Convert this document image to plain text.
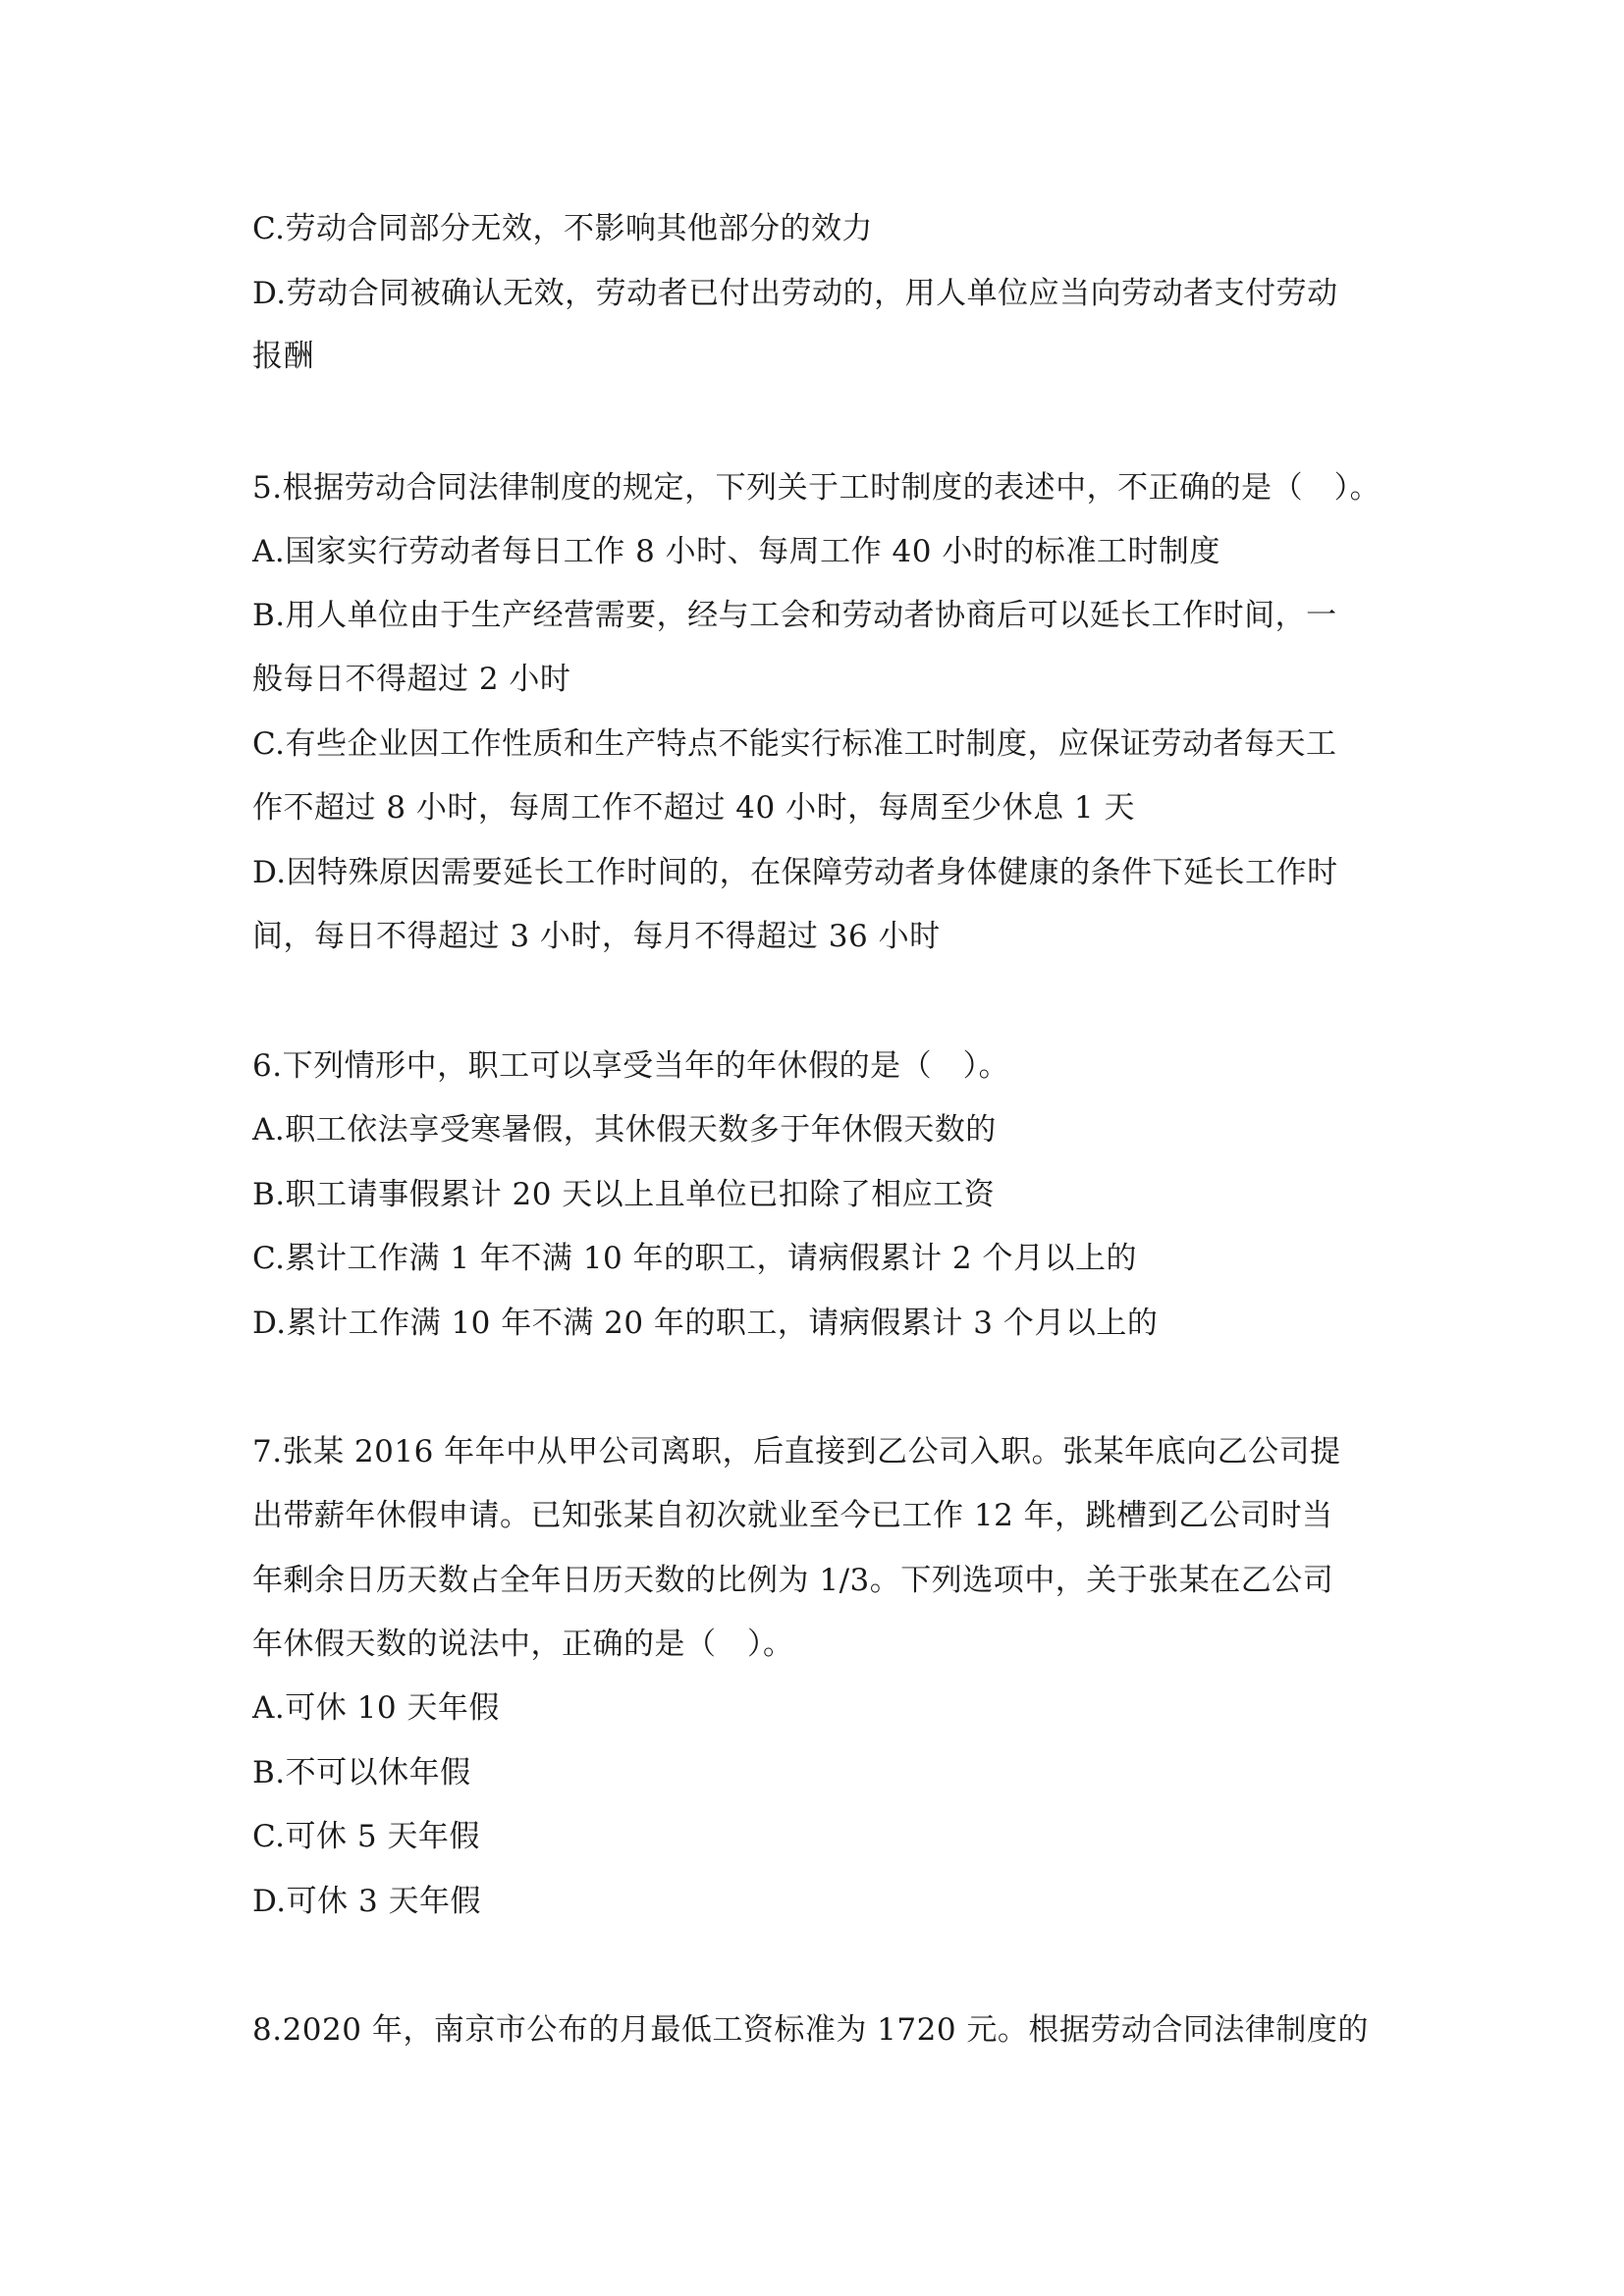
C.劳动合同部分无效，不影响其他部分的效力
D.劳动合同被确认无效，劳动者已付出劳动的，用人单位应当向劳动者支付劳动
报酬
5.根据劳动合同法律制度的规定，下列关于工时制度的表述中，不正确的是（　）。
A.国家实行劳动者每日工作 8 小时、每周工作 40 小时的标准工时制度
B.用人单位由于生产经营需要，经与工会和劳动者协商后可以延长工作时间，一
般每日不得超过 2 小时
C.有些企业因工作性质和生产特点不能实行标准工时制度，应保证劳动者每天工
作不超过 8 小时，每周工作不超过 40 小时，每周至少休息 1 天
D.因特殊原因需要延长工作时间的，在保障劳动者身体健康的条件下延长工作时
间，每日不得超过 3 小时，每月不得超过 36 小时
6.下列情形中，职工可以享受当年的年休假的是（　）。
A.职工依法享受寒暑假，其休假天数多于年休假天数的
B.职工请事假累计 20 天以上且单位已扣除了相应工资
C.累计工作满 1 年不满 10 年的职工，请病假累计 2 个月以上的
D.累计工作满 10 年不满 20 年的职工，请病假累计 3 个月以上的
7.张某 2016 年年中从甲公司离职，后直接到乙公司入职。张某年底向乙公司提
出带薪年休假申请。已知张某自初次就业至今已工作 12 年，跳槽到乙公司时当
年剩余日历天数占全年日历天数的比例为 1/3。下列选项中，关于张某在乙公司
年休假天数的说法中，正确的是（　）。
A.可休 10 天年假
B.不可以休年假
C.可休 5 天年假
D.可休 3 天年假
8.2020 年，南京市公布的月最低工资标准为 1720 元。根据劳动合同法律制度的
